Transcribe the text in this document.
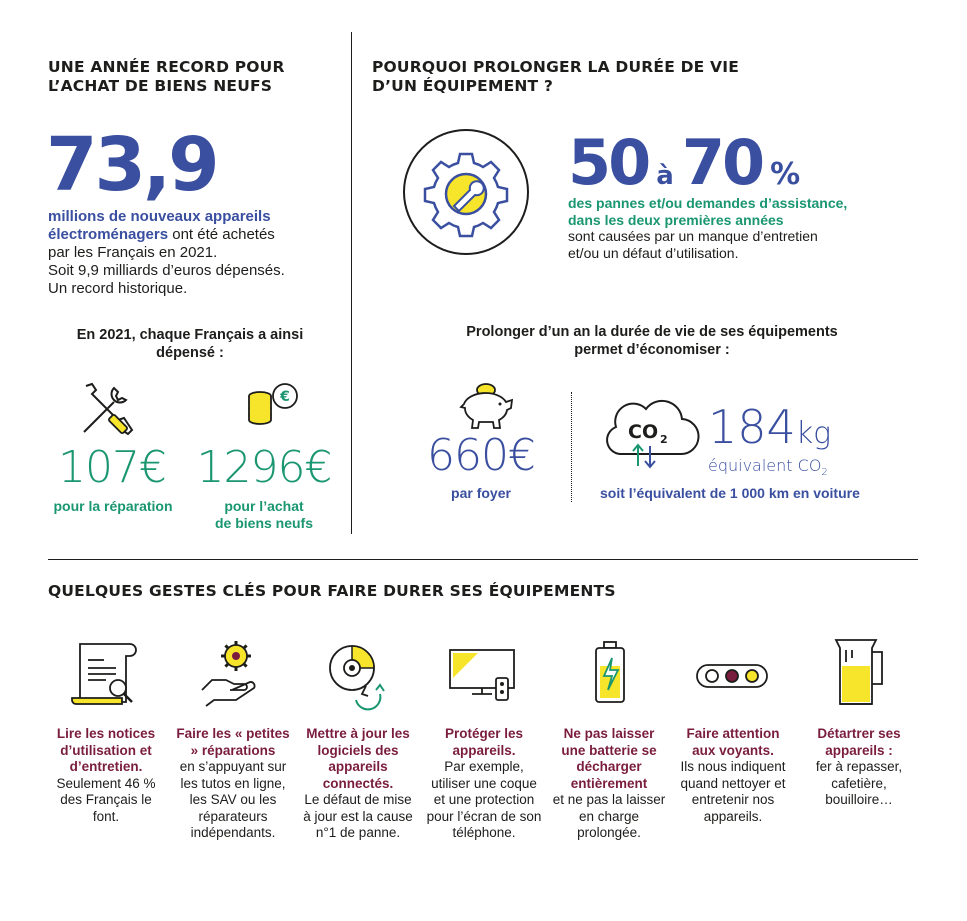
UNE ANNÉE RECORD POUR
L’ACHAT DE BIENS NEUFS
73,9
millions de nouveaux appareils
électroménagers ont été achetés
par les Français en 2021.
Soit 9,9 milliards d’euros dépensés.
Un record historique.
En 2021, chaque Français a ainsi
dépensé :
€
107€
pour la réparation
1296€
pour l’achat
de biens neufs
POURQUOI PROLONGER LA DURÉE DE VIE
D’UN ÉQUIPEMENT ?
50 à 70 %
des pannes et/ou demandes d’assistance,
dans les deux premières années
sont causées par un manque d’entretien
et/ou un défaut d’utilisation.
Prolonger d’un an la durée de vie de ses équipements
permet d’économiser :
660€
par foyer
CO 2 184kg
équivalent $CO_2$
soit l’équivalent de 1 000 km en voiture
QUELQUES GESTES CLÉS POUR FAIRE DURER SES ÉQUIPEMENTS
Lire les notices d’utilisation et d’entretien.
Seulement 46 % des Français le font.
Faire les « petites » réparations
en s’appuyant sur les tutos en ligne, les SAV ou les réparateurs indépendants.
Mettre à jour les logiciels des appareils connectés.
Le défaut de mise à jour est la cause n°1 de panne.
Protéger les appareils.
Par exemple, utiliser une coque et une protection pour l’écran de son téléphone.
Ne pas laisser une batterie se décharger entièrement
et ne pas la laisser en charge prolongée.
Faire attention aux voyants.
Ils nous indiquent quand nettoyer et entretenir nos appareils.
Détartrer ses appareils :
fer à repasser, cafetière, bouilloire…
